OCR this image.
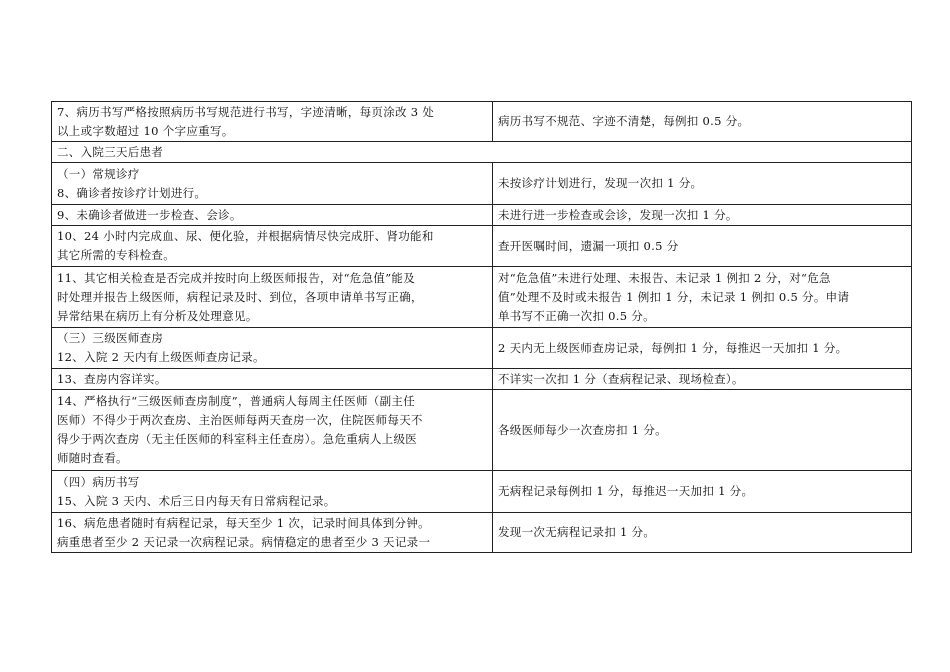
7、病历书写严格按照病历书写规范进行书写，字迹清晰，每页涂改 3 处
以上或字数超过 10 个字应重写。	病历书写不规范、字迹不清楚，每例扣 0.5 分。

二、入院三天后患者	

（一）常规诊疗
8、确诊者按诊疗计划进行。	未按诊疗计划进行，发现一次扣 1 分。

9、未确诊者做进一步检查、会诊。	未进行进一步检查或会诊，发现一次扣 1 分。

10、24 小时内完成血、尿、便化验，并根据病情尽快完成肝、肾功能和
其它所需的专科检查。	查开医嘱时间，遗漏一项扣 0.5 分

11、其它相关检查是否完成并按时向上级医师报告，对“危急值”能及
时处理并报告上级医师，病程记录及时、到位，各项申请单书写正确，
异常结果在病历上有分析及处理意见。	对“危急值”未进行处理、未报告、未记录 1 例扣 2 分，对“危急
值”处理不及时或未报告 1 例扣 1 分，未记录 1 例扣 0.5 分。申请
单书写不正确一次扣 0.5 分。

（三）三级医师查房
12、入院 2 天内有上级医师查房记录。	2 天内无上级医师查房记录，每例扣 1 分，每推迟一天加扣 1 分。

13、查房内容详实。	不详实一次扣 1 分（查病程记录、现场检查）。

14、严格执行“三级医师查房制度”，普通病人每周主任医师（副主任
医师）不得少于两次查房、主治医师每两天查房一次，住院医师每天不
得少于两次查房（无主任医师的科室科主任查房）。急危重病人上级医
师随时查看。	各级医师每少一次查房扣 1 分。

（四）病历书写
15、入院 3 天内、术后三日内每天有日常病程记录。	无病程记录每例扣 1 分，每推迟一天加扣 1 分。

16、病危患者随时有病程记录，每天至少 1 次，记录时间具体到分钟。
病重患者至少 2 天记录一次病程记录。病情稳定的患者至少 3 天记录一	发现一次无病程记录扣 1 分。
